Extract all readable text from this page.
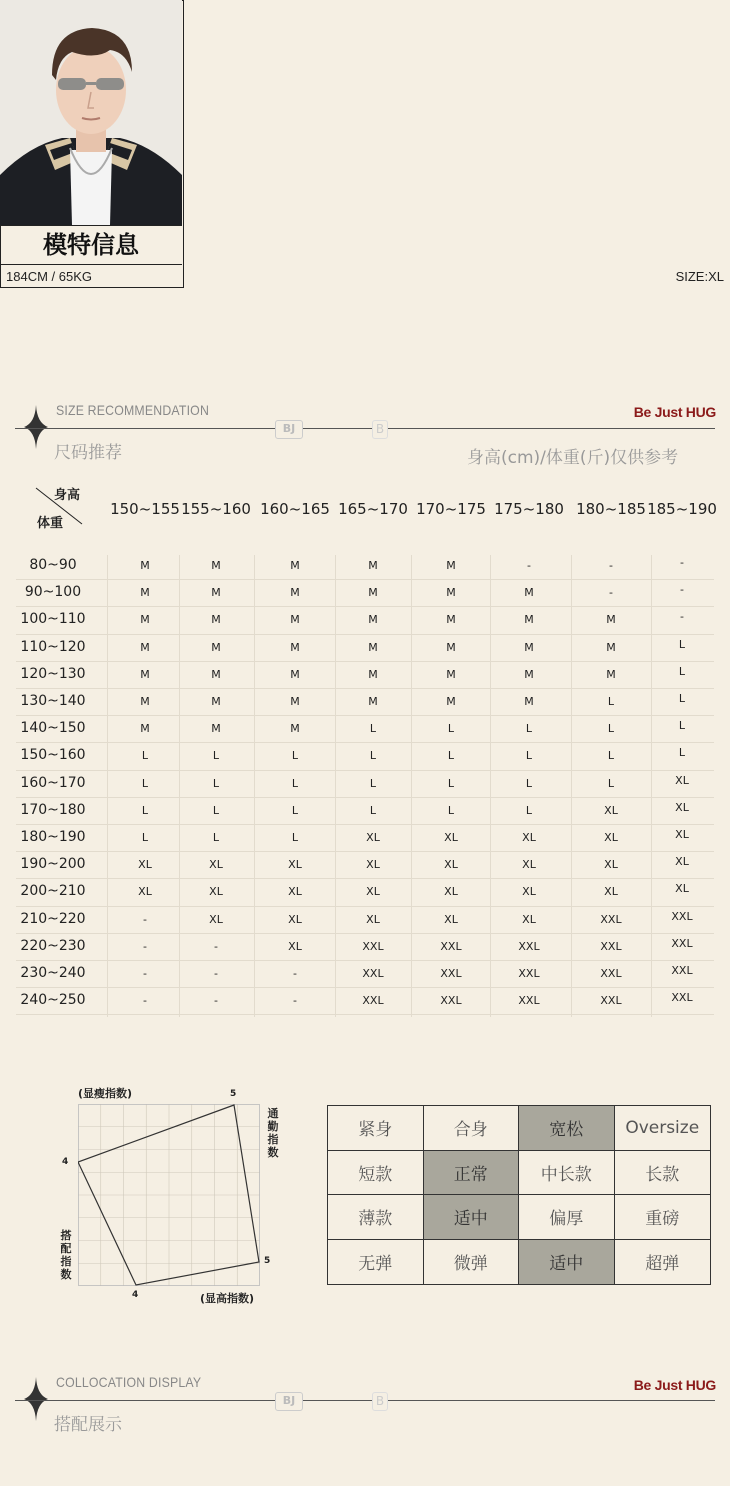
模特信息
184CM / 65KG	SIZE:XL
SIZE RECOMMENDATION
BJ	B
Be Just HUG
尺码推荐	身高(cm)/体重(斤)仅供参考
身高
体重
150~155 155~160 160~165 165~170 170~175 175~180 180~185 185~190
80~90	M	M	M	M	M	-	-	-
90~100	M	M	M	M	M	M	-	-
100~110	M	M	M	M	M	M	M	-
110~120	M	M	M	M	M	M	M	L
120~130	M	M	M	M	M	M	M	L
130~140	M	M	M	M	M	M	L	L
140~150	M	M	M	L	L	L	L	L
150~160	L	L	L	L	L	L	L	L
160~170	L	L	L	L	L	L	L	XL
170~180	L	L	L	L	L	L	XL	XL
180~190	L	L	L	XL	XL	XL	XL	XL
190~200	XL	XL	XL	XL	XL	XL	XL	XL
200~210	XL	XL	XL	XL	XL	XL	XL	XL
210~220	-	XL	XL	XL	XL	XL	XXL	XXL
220~230	-	-	XL	XXL	XXL	XXL	XXL	XXL
230~240	-	-	-	XXL	XXL	XXL	XXL	XXL
240~250	-	-	-	XXL	XXL	XXL	XXL	XXL
(显瘦指数)	5
通
勤
指
数
5
4
搭
配
指
数
4	(显高指数)
紧身	合身	宽松	Oversize
短款	正常	中长款	长款
薄款	适中	偏厚	重磅
无弹	微弹	适中	超弹
COLLOCATION DISPLAY
BJ	B
Be Just HUG
搭配展示
